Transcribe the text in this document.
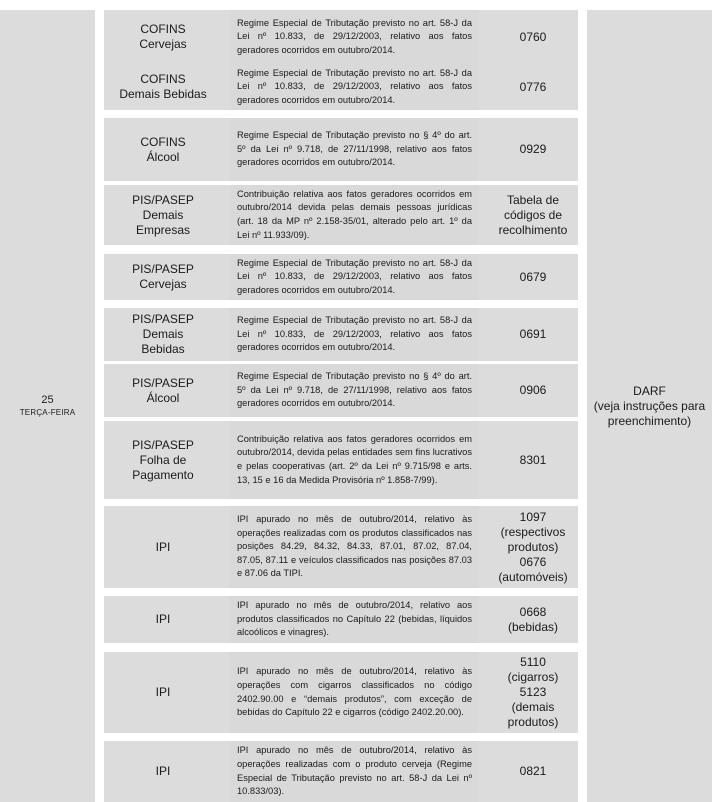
25
TERÇA-FEIRA
COFINS
Cervejas
Regime Especial de Tributação previsto no art. 58-J da Lei nº 10.833, de 29/12/2003, relativo aos fatos geradores ocorridos em outubro/2014.
0760
COFINS
Demais Bebidas
Regime Especial de Tributação previsto no art. 58-J da Lei nº 10.833, de 29/12/2003, relativo aos fatos geradores ocorridos em outubro/2014.
0776
COFINS
Álcool
Regime Especial de Tributação previsto no § 4º do art. 5º da Lei nº 9.718, de 27/11/1998, relativo aos fatos geradores ocorridos em outubro/2014.
0929
PIS/PASEP
Demais
Empresas
Contribuição relativa aos fatos geradores ocorridos em outubro/2014 devida pelas demais pessoas jurídicas (art. 18 da MP nº 2.158-35/01, alterado pelo art. 1º da Lei nº 11.933/09).
Tabela de
códigos de
recolhimento
PIS/PASEP
Cervejas
Regime Especial de Tributação previsto no art. 58-J da Lei nº 10.833, de 29/12/2003, relativo aos fatos geradores ocorridos em outubro/2014.
0679
PIS/PASEP
Demais
Bebidas
Regime Especial de Tributação previsto no art. 58-J da Lei nº 10.833, de 29/12/2003, relativo aos fatos geradores ocorridos em outubro/2014.
0691
PIS/PASEP
Álcool
Regime Especial de Tributação previsto no § 4º do art. 5º da Lei nº 9.718, de 27/11/1998, relativo aos fatos geradores ocorridos em outubro/2014.
0906
PIS/PASEP
Folha de
Pagamento
Contribuição relativa aos fatos geradores ocorridos em outubro/2014, devida pelas entidades sem fins lucrativos e pelas cooperativas (art. 2º da Lei nº 9.715/98 e arts. 13, 15 e 16 da Medida Provisória nº 1.858-7/99).
8301
IPI
IPI apurado no mês de outubro/2014, relativo às operações realizadas com os produtos classificados nas posições 84.29, 84.32, 84.33, 87.01, 87.02, 87.04, 87.05, 87.11 e veículos classificados nas posições 87.03 e 87.06 da TIPI.
1097
(respectivos
produtos)
0676
(automóveis)
IPI
IPI apurado no mês de outubro/2014, relativo aos produtos classificados no Capítulo 22 (bebidas, líquidos alcoólicos e vinagres).
0668
(bebidas)
IPI
IPI apurado no mês de outubro/2014, relativo às operações com cigarros classificados no código 2402.90.00 e “demais produtos”, com exceção de bebidas do Capítulo 22 e cigarros (código 2402.20.00).
5110
(cigarros)
5123
(demais
produtos)
IPI
IPI apurado no mês de outubro/2014, relativo às operações realizadas com o produto cerveja (Regime Especial de Tributação previsto no art. 58-J da Lei nº 10.833/03).
0821
DARF
(veja instruções para
preenchimento)
